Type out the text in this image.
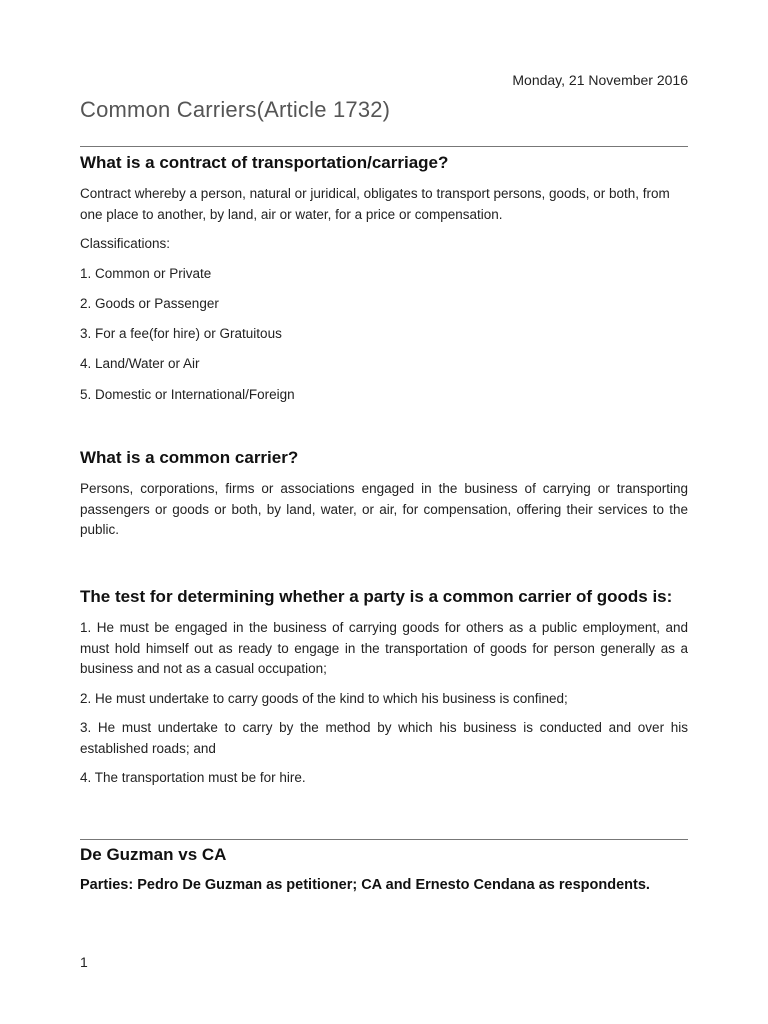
Monday, 21 November 2016
Common Carriers(Article 1732)
What is a contract of transportation/carriage?

Contract whereby a person, natural or juridical, obligates to transport persons, goods, or both, from one place to another, by land, air or water, for a price or compensation.

Classifications:

1. Common or Private
2. Goods or Passenger
3. For a fee(for hire) or Gratuitous
4. Land/Water or Air
5. Domestic or International/Foreign
What is a common carrier?

Persons, corporations, firms or associations engaged in the business of carrying or transporting passengers or goods or both, by land, water, or air, for compensation, offering their services to the public.

The test for determining whether a party is a common carrier of goods is:

1. He must be engaged in the business of carrying goods for others as a public employment, and must hold himself out as ready to engage in the transportation of goods for person generally as a business and not as a casual occupation;

2. He must undertake to carry goods of the kind to which his business is confined;

3. He must undertake to carry by the method by which his business is conducted and over his established roads; and

4. The transportation must be for hire.

De Guzman vs CA

Parties: Pedro De Guzman as petitioner; CA and Ernesto Cendana as respondents.

1
